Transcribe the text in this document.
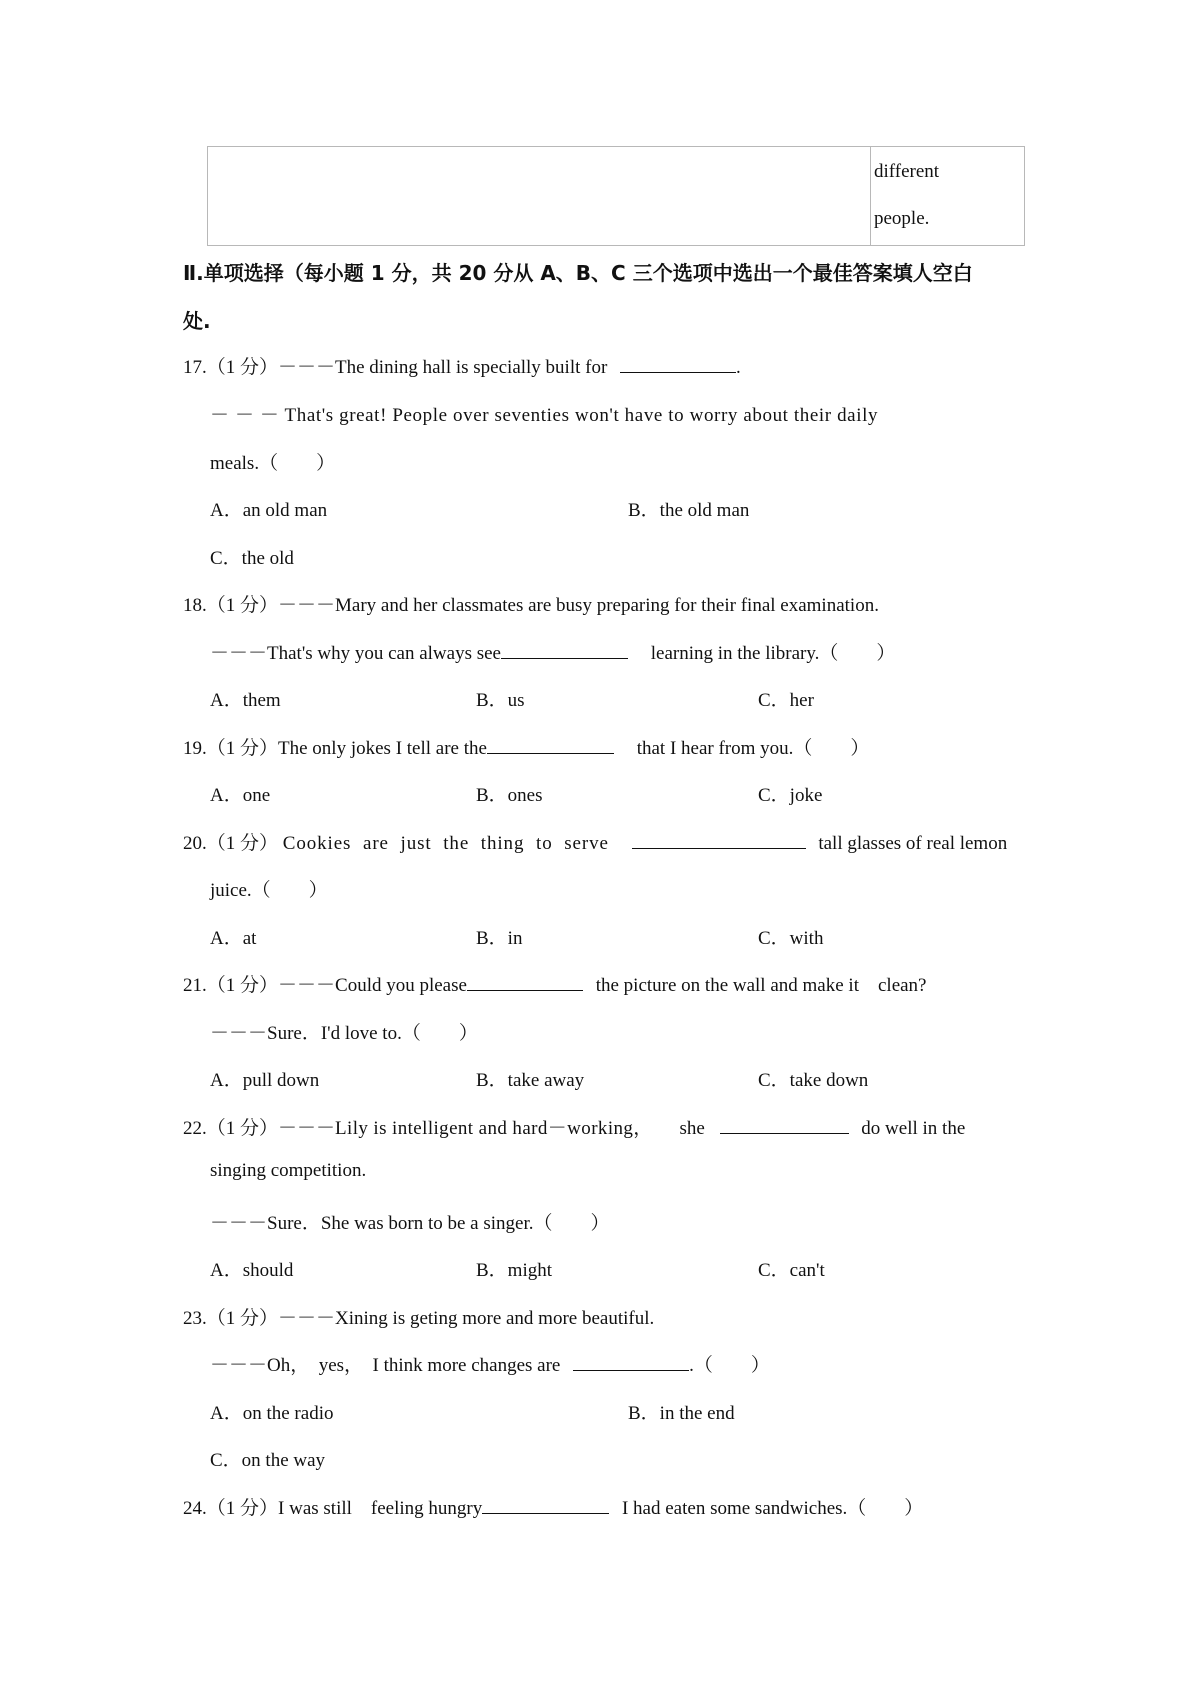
different
people.
Ⅱ.单项选择（每小题 1 分，共 20 分从 A、B、C 三个选项中选出一个最佳答案填人空白
处.
17.（1 分）－－－The dining hall is specially built for	.
－ － － That's great! People over seventies won't have to worry about their daily
meals.（　　）
A．an old man	B．the old man
C．the old
18.（1 分）－－－Mary and her classmates are busy preparing for their final examination.
－－－That's why you can always see	learning in the library.（　　）
A．them	B．us	C．her
19.（1 分）The only jokes I tell are the	that I hear from you.（　　）
A．one	B．ones	C．joke
20.（1 分） Cookies are just the thing to serve	tall glasses of real lemon
juice.（　　）
A．at	B．in	C．with
21.（1 分）－－－Could you please	the picture on the wall and make it　clean?
－－－Sure．I'd love to.（　　）
A．pull down	B．take away	C．take down
22.（1 分）－－－Lily is intelligent and hard－working， she	do well in the
singing competition.
－－－Sure．She was born to be a singer.（　　）
A．should	B．might	C．can't
23.（1 分）－－－Xining is geting more and more beautiful.
－－－Oh，　yes，　I think more changes are	.（　　）
A．on the radio	B．in the end
C．on the way
24.（1 分）I was still　feeling hungry	I had eaten some sandwiches.（　　）
